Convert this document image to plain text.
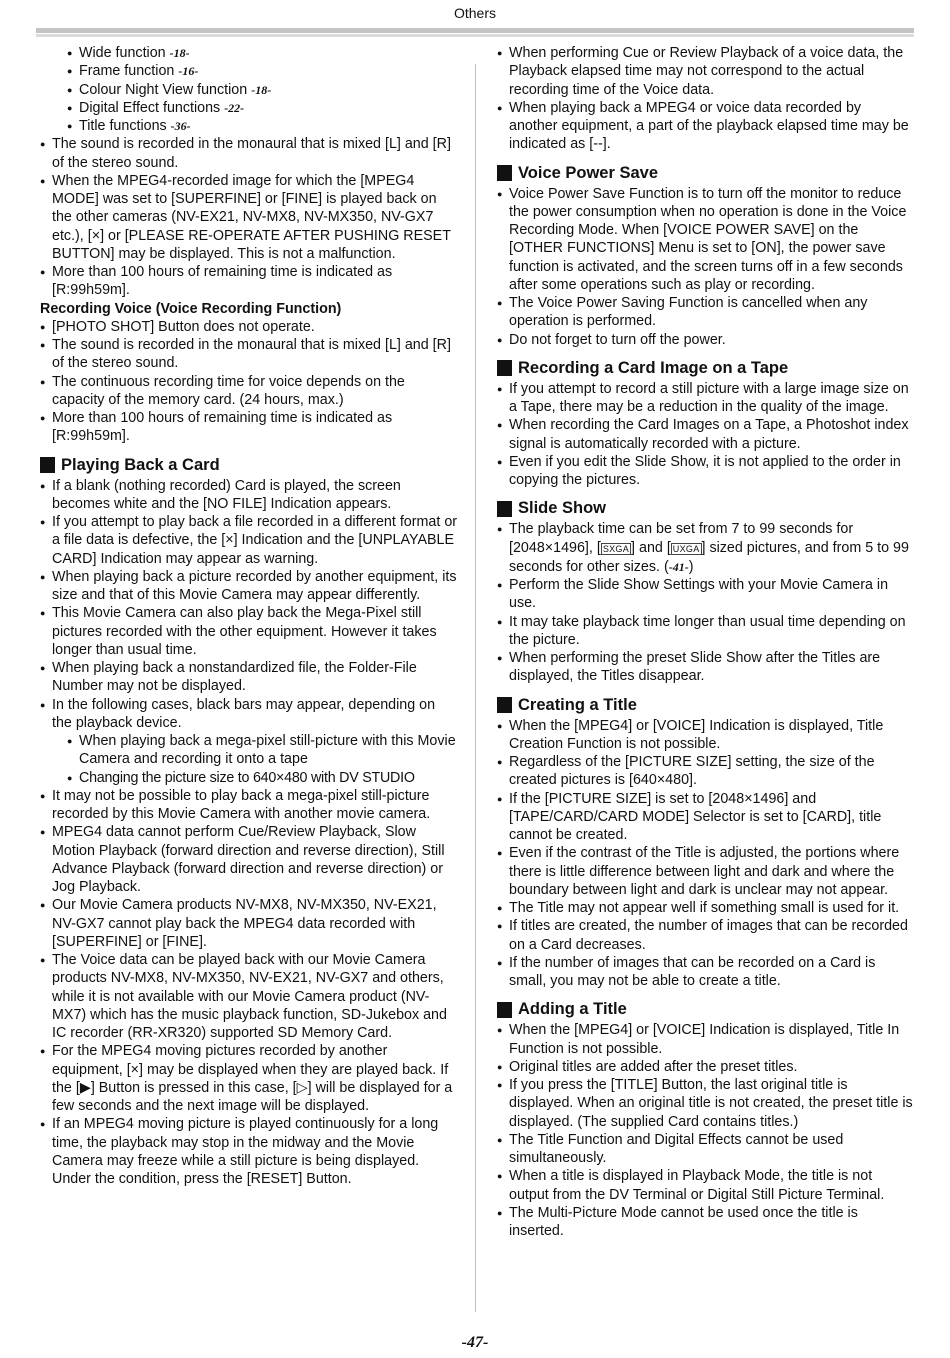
Others
● Wide function -18-
● Frame function -16-
● Colour Night View function -18-
● Digital Effect functions -22-
● Title functions -36-
● The sound is recorded in the monaural that is mixed [L] and [R] of the stereo sound.
● When the MPEG4-recorded image for which the [MPEG4 MODE] was set to [SUPERFINE] or [FINE] is played back on the other cameras (NV-EX21, NV-MX8, NV-MX350, NV-GX7 etc.), [×] or [PLEASE RE-OPERATE AFTER PUSHING RESET BUTTON] may be displayed. This is not a malfunction.
● More than 100 hours of remaining time is indicated as [R:99h59m].
Recording Voice (Voice Recording Function)
● [PHOTO SHOT] Button does not operate.
● The sound is recorded in the monaural that is mixed [L] and [R] of the stereo sound.
● The continuous recording time for voice depends on the capacity of the memory card. (24 hours, max.)
● More than 100 hours of remaining time is indicated as [R:99h59m].
Playing Back a Card
● If a blank (nothing recorded) Card is played, the screen becomes white and the [NO FILE] Indication appears.
● If you attempt to play back a file recorded in a different format or a file data is defective, the [×] Indication and the [UNPLAYABLE CARD] Indication may appear as warning.
● When playing back a picture recorded by another equipment, its size and that of this Movie Camera may appear differently.
● This Movie Camera can also play back the Mega-Pixel still pictures recorded with the other equipment. However it takes longer than usual time.
● When playing back a nonstandardized file, the Folder-File Number may not be displayed.
● In the following cases, black bars may appear, depending on the playback device.
● When playing back a mega-pixel still-picture with this Movie Camera and recording it onto a tape
● Changing the picture size to 640×480 with DV STUDIO
● It may not be possible to play back a mega-pixel still-picture recorded by this Movie Camera with another movie camera.
● MPEG4 data cannot perform Cue/Review Playback, Slow Motion Playback (forward direction and reverse direction), Still Advance Playback (forward direction and reverse direction) or Jog Playback.
● Our Movie Camera products NV-MX8, NV-MX350, NV-EX21, NV-GX7 cannot play back the MPEG4 data recorded with [SUPERFINE] or [FINE].
● The Voice data can be played back with our Movie Camera products NV-MX8, NV-MX350, NV-EX21, NV-GX7 and others, while it is not available with our Movie Camera product (NV-MX7) which has the music playback function, SD-Jukebox and IC recorder (RR-XR320) supported SD Memory Card.
● For the MPEG4 moving pictures recorded by another equipment, [×] may be displayed when they are played back. If the [▶] Button is pressed in this case, [▷] will be displayed for a few seconds and the next image will be displayed.
● If an MPEG4 moving picture is played continuously for a long time, the playback may stop in the midway and the Movie Camera may freeze while a still picture is being displayed. Under the condition, press the [RESET] Button.
● When performing Cue or Review Playback of a voice data, the Playback elapsed time may not correspond to the actual recording time of the Voice data.
● When playing back a MPEG4 or voice data recorded by another equipment, a part of the playback elapsed time may be indicated as [--].
Voice Power Save
● Voice Power Save Function is to turn off the monitor to reduce the power consumption when no operation is done in the Voice Recording Mode. When [VOICE POWER SAVE] on the [OTHER FUNCTIONS] Menu is set to [ON], the power save function is activated, and the screen turns off in a few seconds after some operations such as play or recording.
● The Voice Power Saving Function is cancelled when any operation is performed.
● Do not forget to turn off the power.
Recording a Card Image on a Tape
● If you attempt to record a still picture with a large image size on a Tape, there may be a reduction in the quality of the image.
● When recording the Card Images on a Tape, a Photoshot index signal is automatically recorded with a picture.
● Even if you edit the Slide Show, it is not applied to the order in copying the pictures.
Slide Show
● The playback time can be set from 7 to 99 seconds for [2048×1496], [ SXGA ] and [ UXGA ] sized pictures, and from 5 to 99 seconds for other sizes. (-41-)
● Perform the Slide Show Settings with your Movie Camera in use.
● It may take playback time longer than usual time depending on the picture.
● When performing the preset Slide Show after the Titles are displayed, the Titles disappear.
Creating a Title
● When the [MPEG4] or [VOICE] Indication is displayed, Title Creation Function is not possible.
● Regardless of the [PICTURE SIZE] setting, the size of the created pictures is [640×480].
● If the [PICTURE SIZE] is set to [2048×1496] and [TAPE/CARD/CARD MODE] Selector is set to [CARD], title cannot be created.
● Even if the contrast of the Title is adjusted, the portions where there is little difference between light and dark and where the boundary between light and dark is unclear may not appear.
● The Title may not appear well if something small is used for it.
● If titles are created, the number of images that can be recorded on a Card decreases.
● If the number of images that can be recorded on a Card is small, you may not be able to create a title.
Adding a Title
● When the [MPEG4] or [VOICE] Indication is displayed, Title In Function is not possible.
● Original titles are added after the preset titles.
● If you press the [TITLE] Button, the last original title is displayed. When an original title is not created, the preset title is displayed. (The supplied Card contains titles.)
● The Title Function and Digital Effects cannot be used simultaneously.
● When a title is displayed in Playback Mode, the title is not output from the DV Terminal or Digital Still Picture Terminal.
● The Multi-Picture Mode cannot be used once the title is inserted.
-47-
